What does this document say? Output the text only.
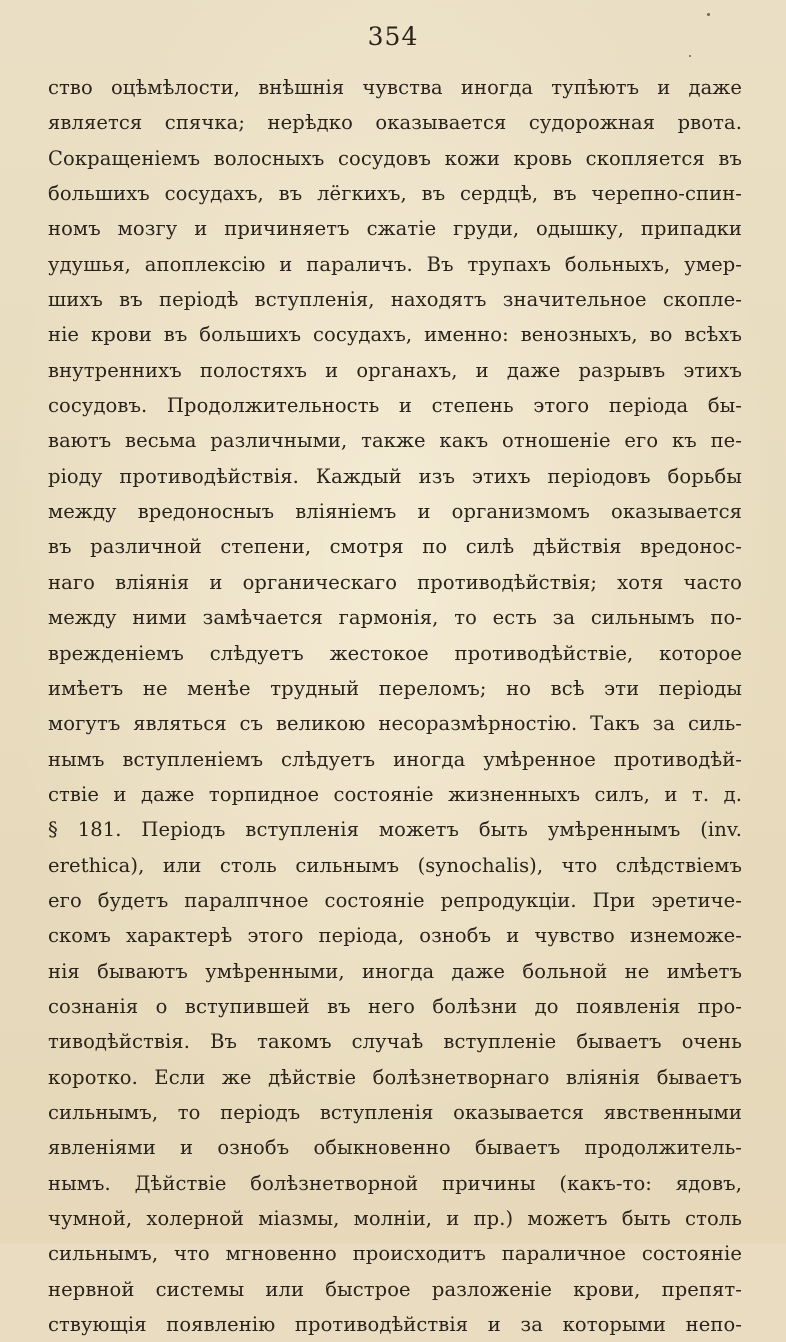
354
ство оцѣмѣлости, внѣшнія чувства иногда тупѣютъ и даже
является спячка; нерѣдко оказывается судорожная рвота.
Сокращеніемъ волосныхъ сосудовъ кожи кровь скопляется въ
большихъ сосудахъ, въ лёгкихъ, въ сердцѣ, въ черепно-спин-
номъ мозгу и причиняетъ сжатіе груди, одышку, припадки
удушья, апоплексію и параличъ. Въ трупахъ больныхъ, умер-
шихъ въ періодѣ вступленія, находятъ значительное скопле-
ніе крови въ большихъ сосудахъ, именно: венозныхъ, во всѣхъ
внутреннихъ полостяхъ и органахъ, и даже разрывъ этихъ
сосудовъ. Продолжительность и степень этого періода бы-
ваютъ весьма различными, также какъ отношеніе его къ пе-
ріоду противодѣйствія. Каждый изъ этихъ періодовъ борьбы
между вредоносныъ вліяніемъ и организмомъ оказывается
въ различной степени, смотря по силѣ дѣйствія вредонос-
наго вліянія и органическаго противодѣйствія; хотя часто
между ними замѣчается гармонія, то есть за сильнымъ по-
врежденіемъ слѣдуетъ жестокое противодѣйствіе, которое
имѣетъ не менѣе трудный переломъ; но всѣ эти періоды
могутъ являться съ великою несоразмѣрностію. Такъ за силь-
нымъ вступленіемъ слѣдуетъ иногда умѣренное противодѣй-
ствіе и даже торпидное состояніе жизненныхъ силъ, и т. д.
§ 181. Періодъ вступленія можетъ быть умѣреннымъ (inv.
erethica), или столь сильнымъ (synochalis), что слѣдствіемъ
его будетъ паралпчное состояніе репродукціи. При эретиче-
скомъ характерѣ этого періода, ознобъ и чувство изнеможе-
нія бываютъ умѣренными, иногда даже больной не имѣетъ
сознанія о вступившей въ него болѣзни до появленія про-
тиводѣйствія. Въ такомъ случаѣ вступленіе бываетъ очень
коротко. Если же дѣйствіе болѣзнетворнаго вліянія бываетъ
сильнымъ, то періодъ вступленія оказывается явственными
явленіями и ознобъ обыкновенно бываетъ продолжитель-
нымъ. Дѣйствіе болѣзнетворной причины (какъ-то: ядовъ,
чумной, холерной міазмы, молніи, и пр.) можетъ быть столь
сильнымъ, что мгновенно происходитъ параличное состояніе
нервной системы или быстрое разложеніе крови, препят-
ствующія появленію противодѣйствія и за которыми непо-
